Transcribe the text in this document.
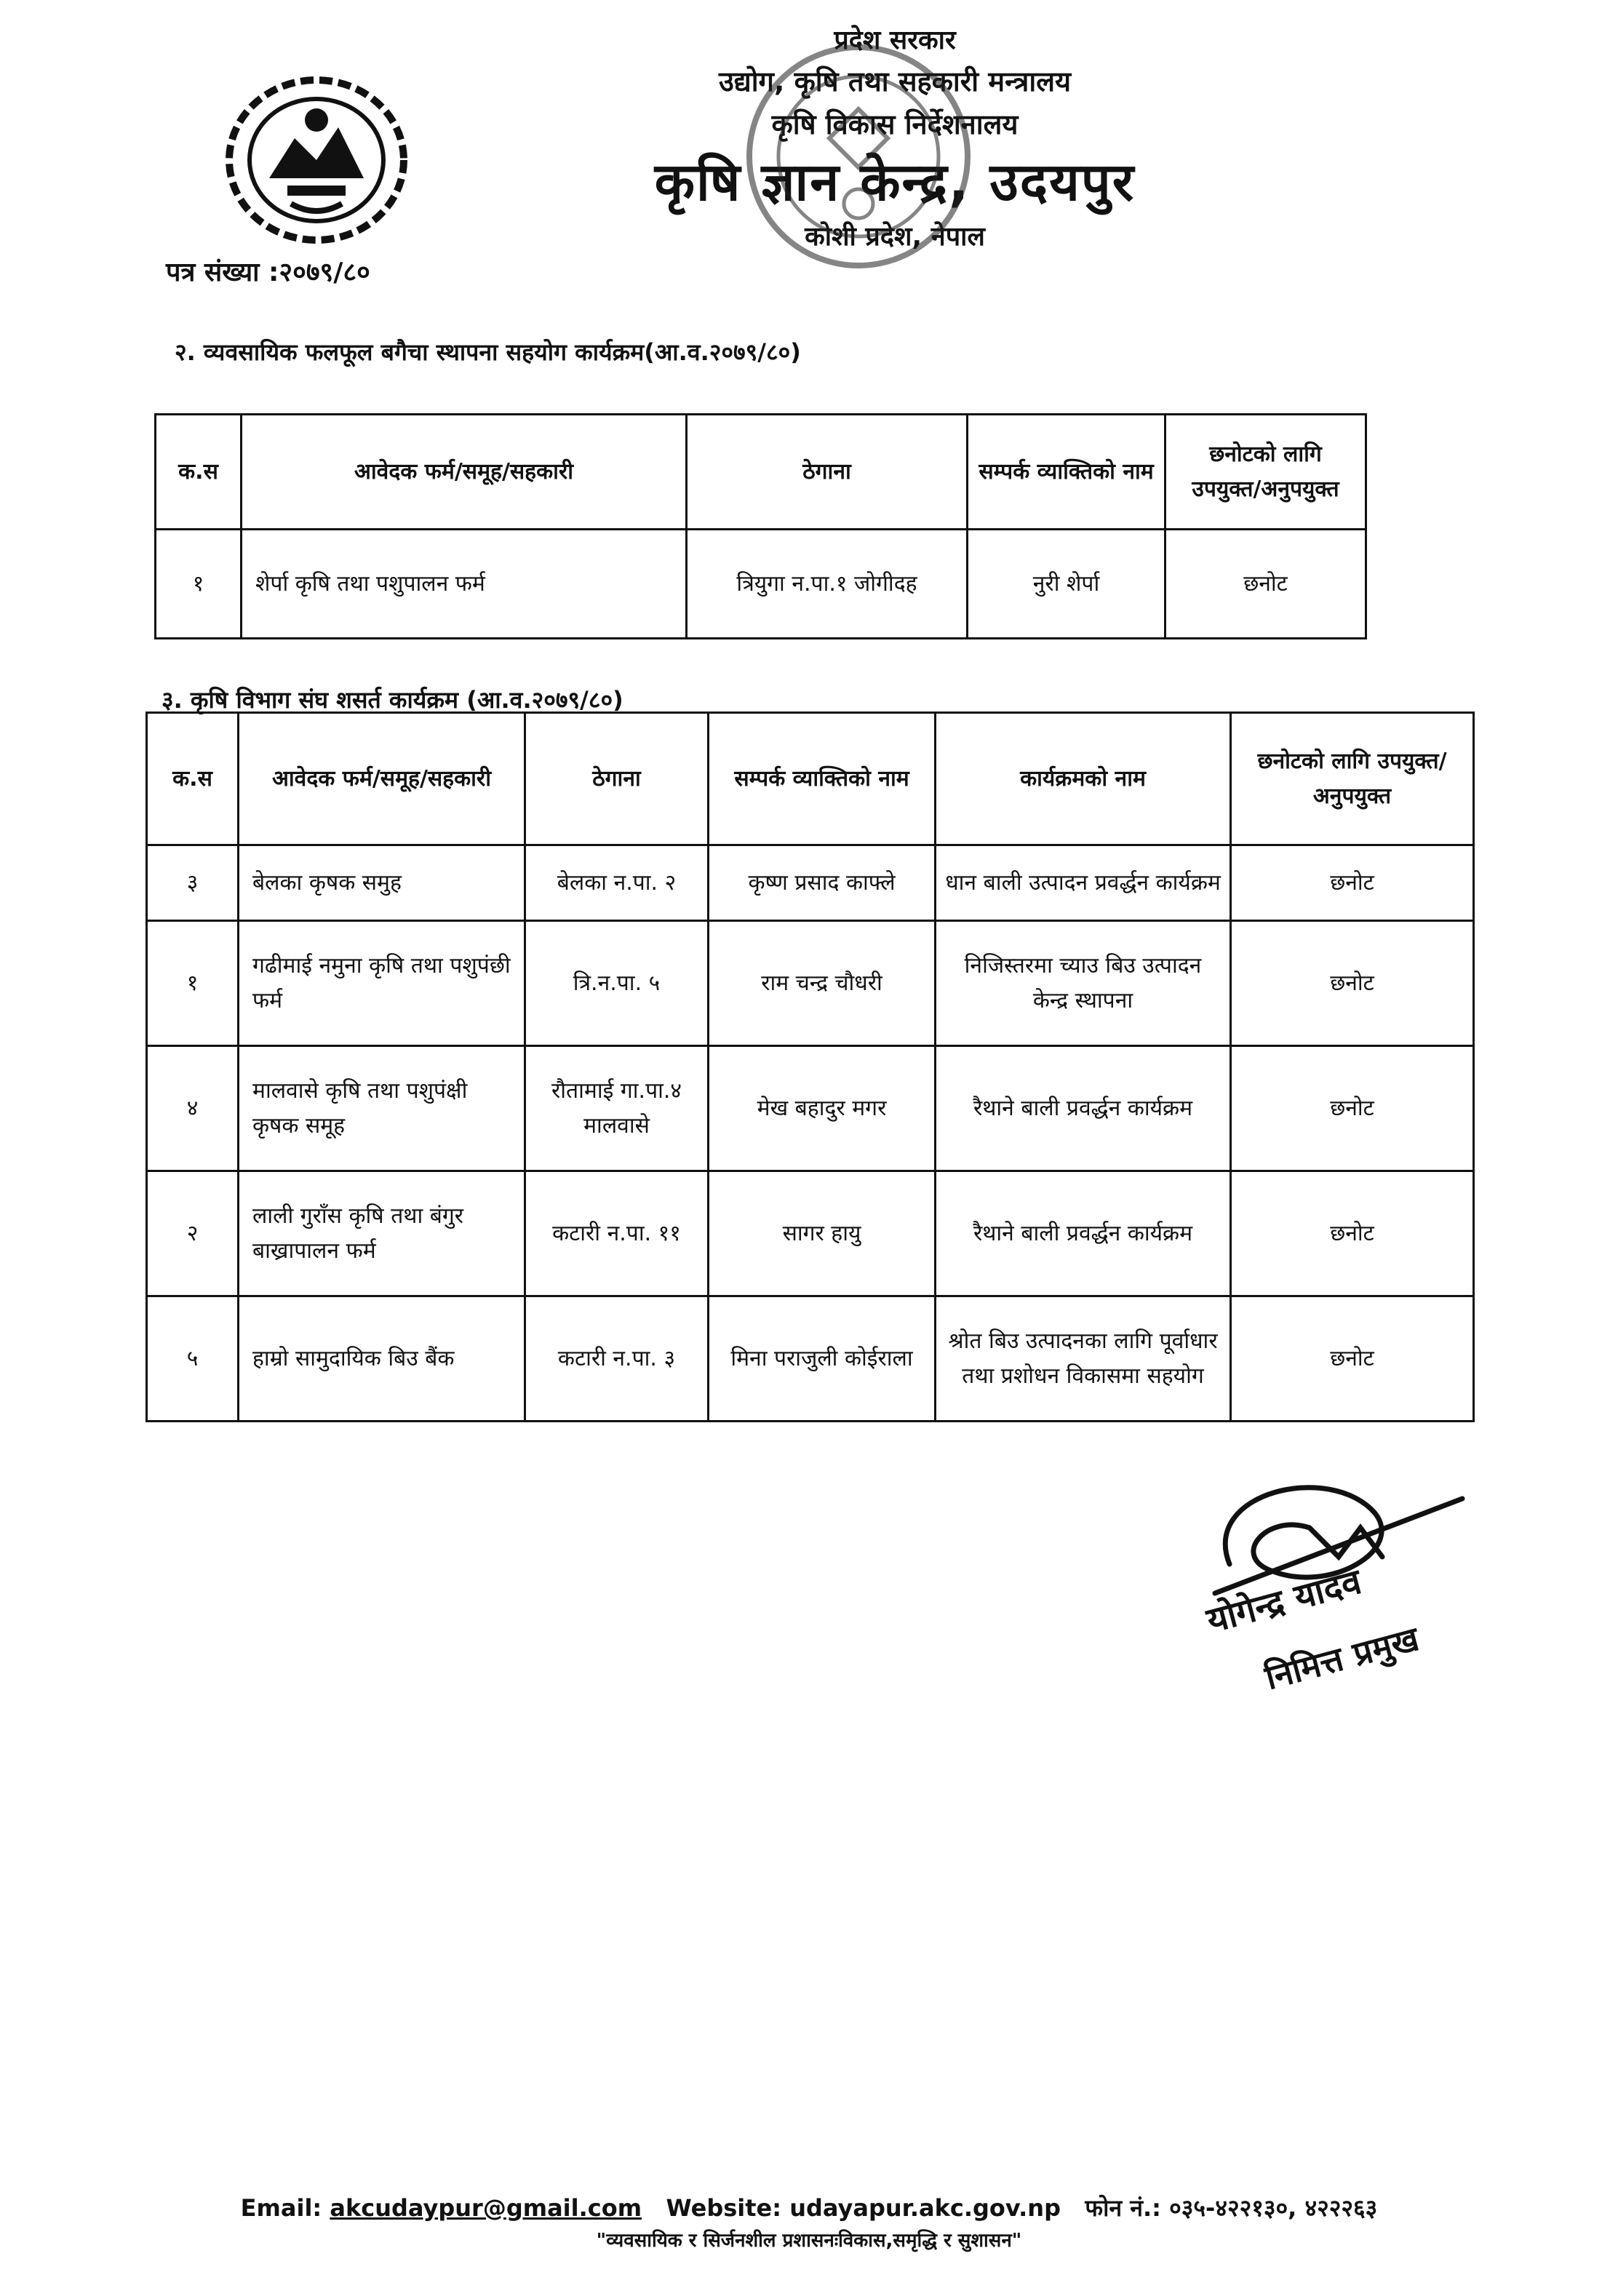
प्रदेश सरकार
उद्योग, कृषि तथा सहकारी मन्त्रालय
कृषि विकास निर्देशनालय
कृषि ज्ञान केन्द्र, उदयपुर
कोशी प्रदेश, नेपाल
पत्र संख्या :२०७९/८०
२. व्यवसायिक फलफूल बगैचा स्थापना सहयोग कार्यक्रम(आ.व.२०७९/८०)
क.स	आवेदक फर्म/समूह/सहकारी	ठेगाना	सम्पर्क व्याक्तिको नाम	छनोटको लागि उपयुक्त/अनुपयुक्त
१	शेर्पा कृषि तथा पशुपालन फर्म	त्रियुगा न.पा.१ जोगीदह	नुरी शेर्पा	छनोट
३. कृषि विभाग संघ शसर्त कार्यक्रम (आ.व.२०७९/८०)
क.स	आवेदक फर्म/समूह/सहकारी	ठेगाना	सम्पर्क व्याक्तिको नाम	कार्यक्रमको नाम	छनोटको लागि उपयुक्त/अनुपयुक्त
३	बेलका कृषक समुह	बेलका न.पा. २	कृष्ण प्रसाद काफ्ले	धान बाली उत्पादन प्रवर्द्धन कार्यक्रम	छनोट
१	गढीमाई नमुना कृषि तथा पशुपंछी फर्म	त्रि.न.पा. ५	राम चन्द्र चौधरी	निजिस्तरमा च्याउ बिउ उत्पादन केन्द्र स्थापना	छनोट
४	मालवासे कृषि तथा पशुपंक्षी कृषक समूह	रौतामाई गा.पा.४ मालवासे	मेख बहादुर मगर	रैथाने बाली प्रवर्द्धन कार्यक्रम	छनोट
२	लाली गुराँस कृषि तथा बंगुर बाख्रापालन फर्म	कटारी न.पा. ११	सागर हायु	रैथाने बाली प्रवर्द्धन कार्यक्रम	छनोट
५	हाम्रो सामुदायिक बिउ बैंक	कटारी न.पा. ३	मिना पराजुली कोईराला	श्रोत बिउ उत्पादनका लागि पूर्वाधार तथा प्रशोधन विकासमा सहयोग	छनोट
योगेन्द्र यादव
निमित्त प्रमुख
Email: akcudaypur@gmail.com Website: udayapur.akc.gov.np फोन नं.: ०३५-४२२१३०, ४२२२६३
"व्यवसायिक र सिर्जनशील प्रशासनःविकास,समृद्धि र सुशासन"
